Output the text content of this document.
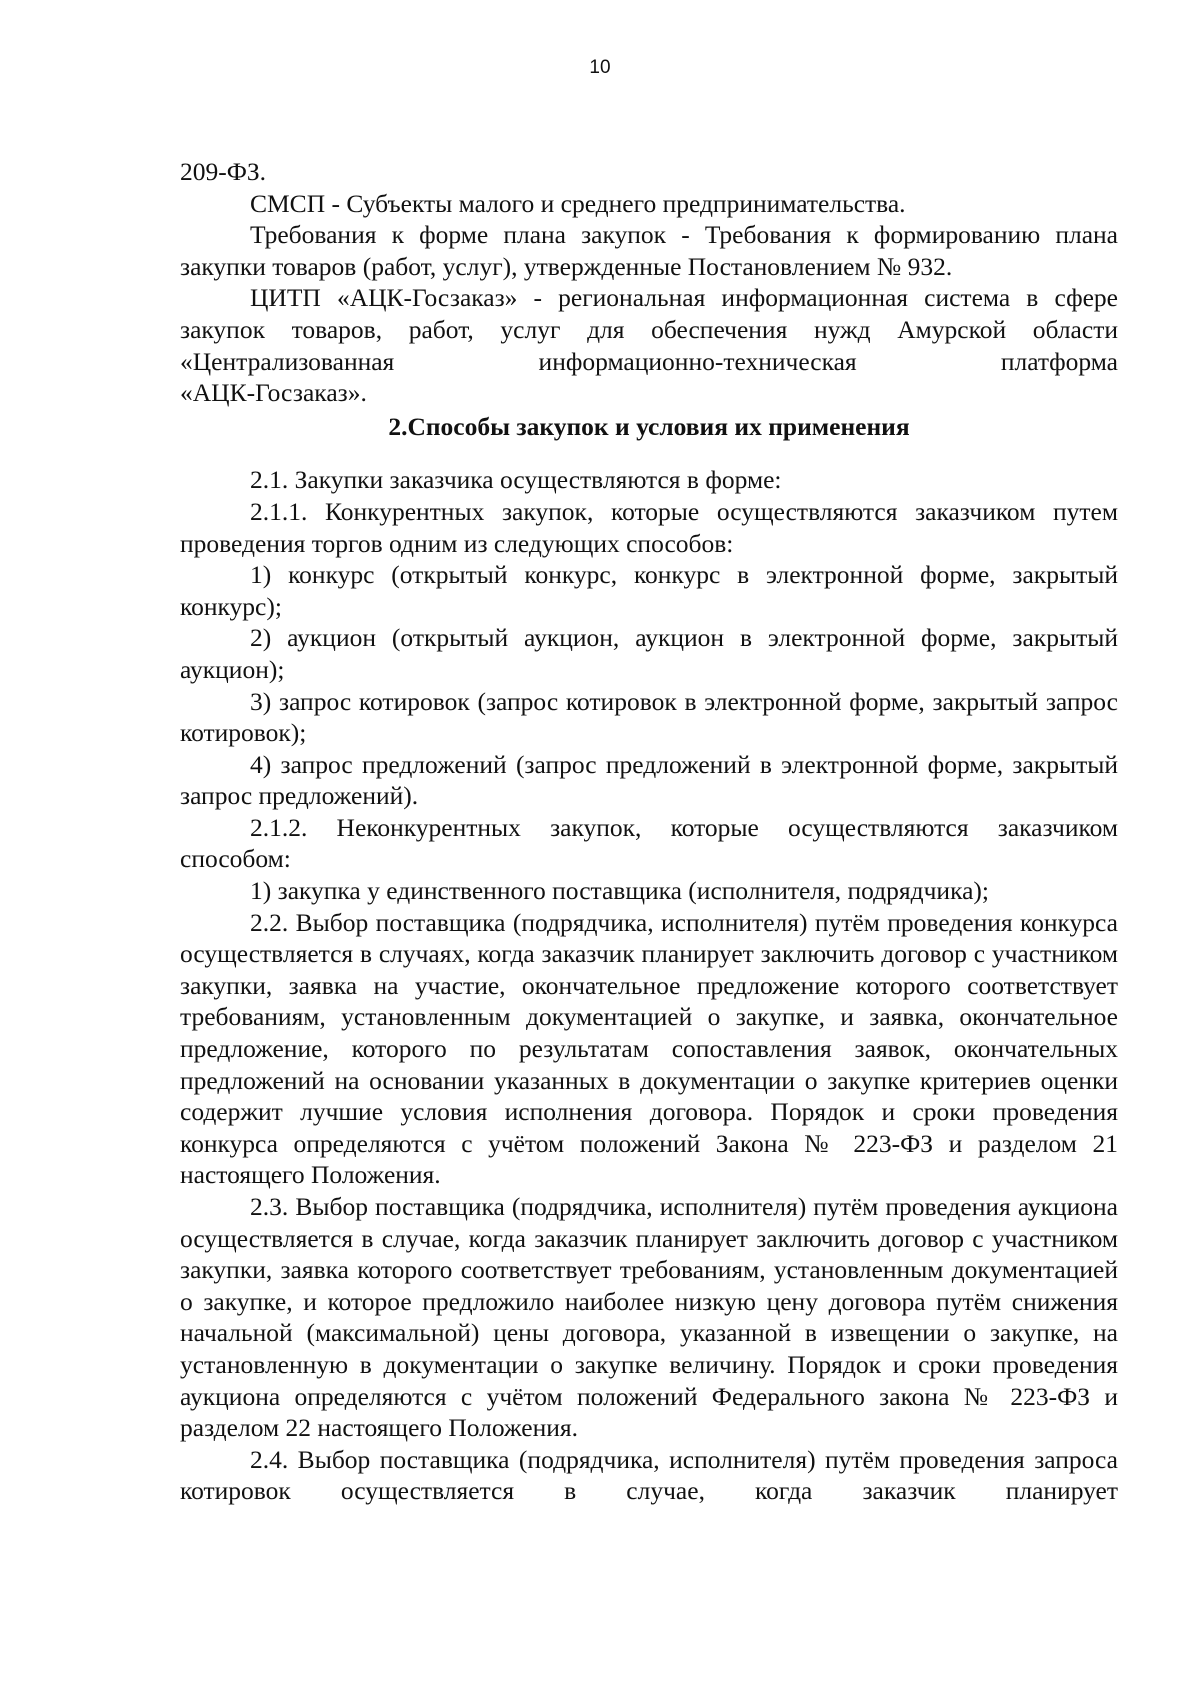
10

209-ФЗ.

СМСП - Субъекты малого и среднего предпринимательства.

Требования к форме плана закупок - Требования к формированию плана закупки товаров (работ, услуг), утвержденные Постановлением № 932.

ЦИТП «АЦК-Госзаказ» - региональная информационная система в сфере закупок товаров, работ, услуг для обеспечения нужд Амурской области «Централизованная информационно-техническая платформа

«АЦК-Госзаказ».

2.Способы закупок и условия их применения

2.1. Закупки заказчика осуществляются в форме:

2.1.1. Конкурентных закупок, которые осуществляются заказчиком путем проведения торгов одним из следующих способов:

1) конкурс (открытый конкурс, конкурс в электронной форме, закрытый конкурс);

2) аукцион (открытый аукцион, аукцион в электронной форме, закрытый аукцион);

3) запрос котировок (запрос котировок в электронной форме, закрытый запрос котировок);

4) запрос предложений (запрос предложений в электронной форме, закрытый запрос предложений).

2.1.2. Неконкурентных закупок, которые осуществляются заказчиком способом:

1) закупка у единственного поставщика (исполнителя, подрядчика);

2.2. Выбор поставщика (подрядчика, исполнителя) путём проведения конкурса осуществляется в случаях, когда заказчик планирует заключить договор с участником закупки, заявка на участие, окончательное предложение которого соответствует требованиям, установленным документацией о закупке, и заявка, окончательное предложение, которого по результатам сопоставления заявок, окончательных предложений на основании указанных в документации о закупке критериев оценки содержит лучшие условия исполнения договора. Порядок и сроки проведения конкурса определяются с учётом положений Закона № 223-ФЗ и разделом 21 настоящего Положения.

2.3. Выбор поставщика (подрядчика, исполнителя) путём проведения аукциона осуществляется в случае, когда заказчик планирует заключить договор с участником закупки, заявка которого соответствует требованиям, установленным документацией о закупке, и которое предложило наиболее низкую цену договора путём снижения начальной (максимальной) цены договора, указанной в извещении о закупке, на установленную в документации о закупке величину. Порядок и сроки проведения аукциона определяются с учётом положений Федерального закона № 223-ФЗ и разделом 22 настоящего Положения.

2.4. Выбор поставщика (подрядчика, исполнителя) путём проведения запроса котировок осуществляется в случае, когда заказчик планирует
